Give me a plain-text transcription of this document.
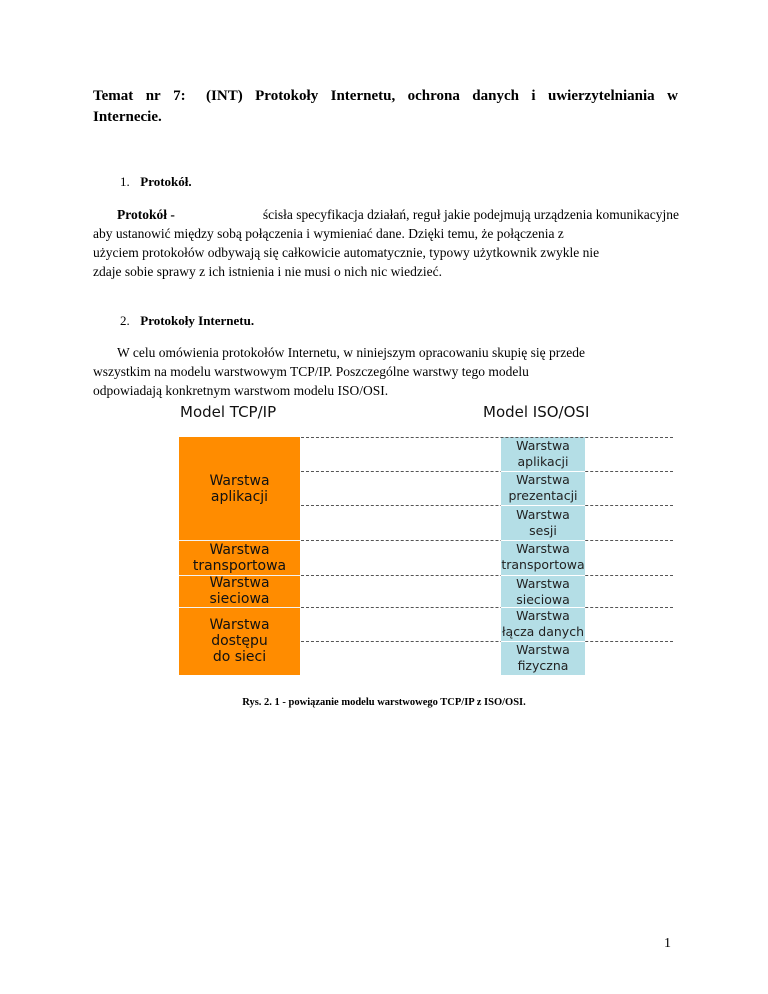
Temat nr 7: (INT) Protokoły Internetu, ochrona danych i uwierzytelniania w
Internecie.
1. Protokół.
Protokół -	ścisła specyfikacja działań, reguł jakie podejmują urządzenia komunikacyjne
aby ustanowić między sobą połączenia i wymieniać dane. Dzięki temu, że połączenia z
użyciem protokołów odbywają się całkowicie automatycznie, typowy użytkownik zwykle nie
zdaje sobie sprawy z ich istnienia i nie musi o nich nic wiedzieć.
2. Protokoły Internetu.
W celu omówienia protokołów Internetu, w niniejszym opracowaniu skupię się przede
wszystkim na modelu warstwowym TCP/IP. Poszczególne warstwy tego modelu
odpowiadają konkretnym warstwom modelu ISO/OSI.
Model TCP/IP	Model ISO/OSI
Warstwa
aplikacji
Warstwa
transportowa
Warstwa
sieciowa
Warstwa
dostępu
do sieci
Warstwa
aplikacji
Warstwa
prezentacji
Warstwa
sesji
Warstwa
transportowa
Warstwa
sieciowa
Warstwa
łącza danych
Warstwa
fizyczna
Rys. 2. 1 - powiązanie modelu warstwowego TCP/IP z ISO/OSI.
1
